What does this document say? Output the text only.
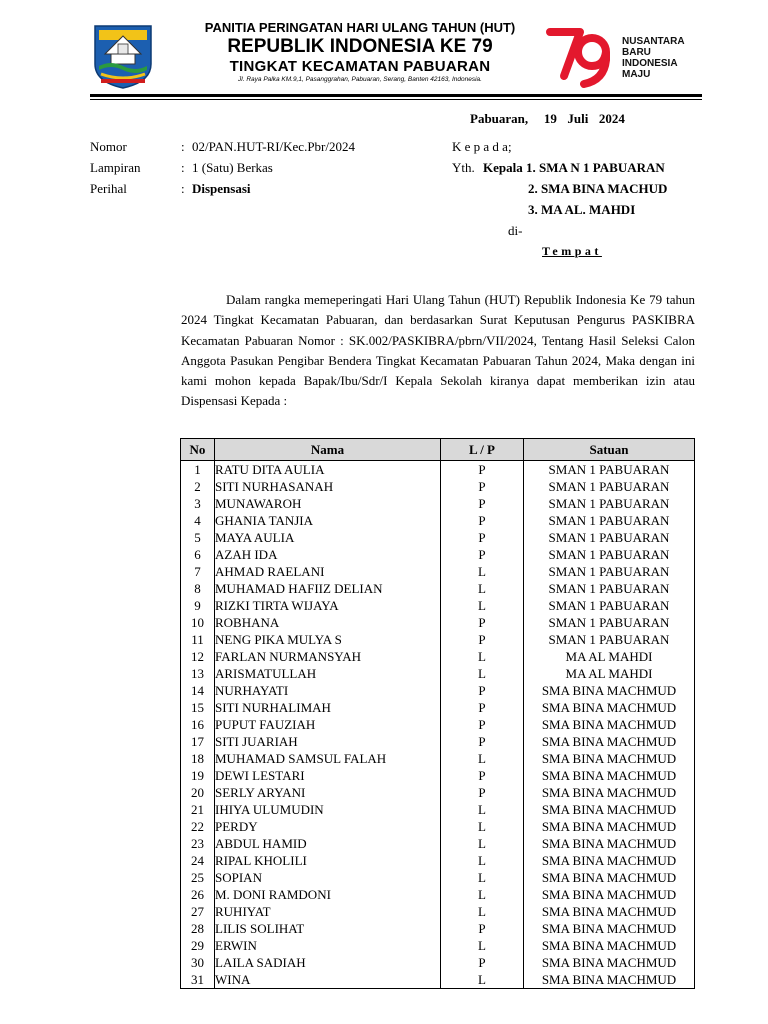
PANITIA PERINGATAN HARI ULANG TAHUN (HUT)
REPUBLIK INDONESIA KE 79
TINGKAT KECAMATAN PABUARAN
Jl. Raya Palka KM.9,1, Pasanggrahan, Pabuaran, Serang, Banten 42163, Indonesia.
NUSANTARA
BARU
INDONESIA
MAJU
Pabuaran,   19  Juli  2024
Nomor	: 02/PAN.HUT-RI/Kec.Pbr/2024
Lampiran	: 1 (Satu) Berkas
Perihal	: Dispensasi
K e p a d a;
Yth. Kepala 1. SMA N 1 PABUARAN
2. SMA BINA MACHUD
3. MA AL. MAHDI
di-
Tempat
Dalam rangka memeperingati Hari Ulang Tahun (HUT) Republik Indonesia Ke 79 tahun 2024 Tingkat Kecamatan Pabuaran, dan berdasarkan Surat Keputusan Pengurus PASKIBRA Kecamatan Pabuaran Nomor : SK.002/PASKIBRA/pbrn/VII/2024, Tentang Hasil Seleksi Calon Anggota Pasukan Pengibar Bendera Tingkat Kecamatan Pabuaran Tahun 2024, Maka dengan ini kami mohon kepada Bapak/Ibu/Sdr/I Kepala Sekolah kiranya dapat memberikan izin atau Dispensasi Kepada :
No	Nama	L / P	Satuan
1	RATU DITA AULIA	P	SMAN 1 PABUARAN
2	SITI NURHASANAH	P	SMAN 1 PABUARAN
3	MUNAWAROH	P	SMAN 1 PABUARAN
4	GHANIA TANJIA	P	SMAN 1 PABUARAN
5	MAYA AULIA	P	SMAN 1 PABUARAN
6	AZAH IDA	P	SMAN 1 PABUARAN
7	AHMAD RAELANI	L	SMAN 1 PABUARAN
8	MUHAMAD HAFIIZ DELIAN	L	SMAN 1 PABUARAN
9	RIZKI TIRTA WIJAYA	L	SMAN 1 PABUARAN
10	ROBHANA	P	SMAN 1 PABUARAN
11	NENG PIKA MULYA S	P	SMAN 1 PABUARAN
12	FARLAN NURMANSYAH	L	MA AL MAHDI
13	ARISMATULLAH	L	MA AL MAHDI
14	NURHAYATI	P	SMA BINA MACHMUD
15	SITI NURHALIMAH	P	SMA BINA MACHMUD
16	PUPUT FAUZIAH	P	SMA BINA MACHMUD
17	SITI JUARIAH	P	SMA BINA MACHMUD
18	MUHAMAD SAMSUL FALAH	L	SMA BINA MACHMUD
19	DEWI LESTARI	P	SMA BINA MACHMUD
20	SERLY ARYANI	P	SMA BINA MACHMUD
21	IHIYA ULUMUDIN	L	SMA BINA MACHMUD
22	PERDY	L	SMA BINA MACHMUD
23	ABDUL HAMID	L	SMA BINA MACHMUD
24	RIPAL KHOLILI	L	SMA BINA MACHMUD
25	SOPIAN	L	SMA BINA MACHMUD
26	M. DONI RAMDONI	L	SMA BINA MACHMUD
27	RUHIYAT	L	SMA BINA MACHMUD
28	LILIS SOLIHAT	P	SMA BINA MACHMUD
29	ERWIN	L	SMA BINA MACHMUD
30	LAILA SADIAH	P	SMA BINA MACHMUD
31	WINA	L	SMA BINA MACHMUD
